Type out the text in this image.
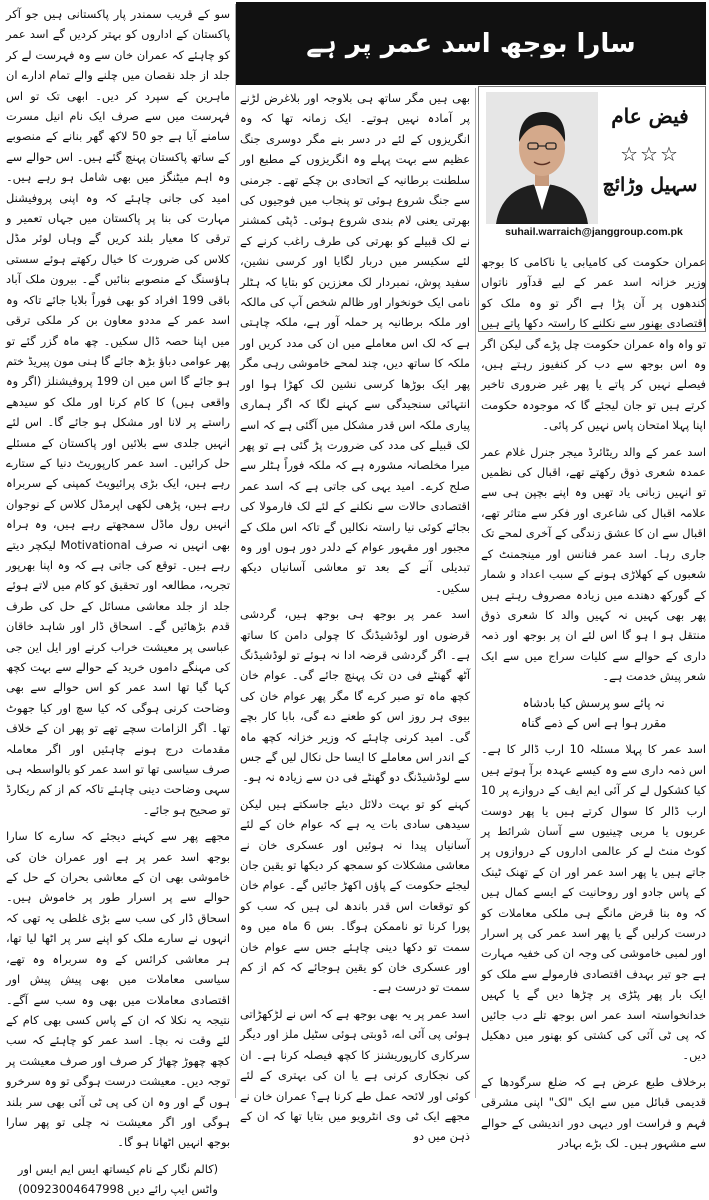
سارا بوجھ اسد عمر پر ہے
فیض عام
☆☆☆
سہیل وڑائچ
suhail.warraich@janggroup.com.pk

عمران حکومت کی کامیابی یا ناکامی کا بوجھ وزیر خزانہ اسد عمر کے لیے قدآور ناتواں کندھوں پر آن پڑا ہے اگر تو وہ ملک کو اقتصادی بھنور سے نکلنے کا راستہ دکھا پاتے ہیں تو واہ واہ عمران حکومت چل پڑے گی لیکن اگر وہ اس بوجھ سے دب کر کنفیوز رہتے ہیں، فیصلے نہیں کر پاتے یا پھر غیر ضروری تاخیر کرتے ہیں تو جان لیجئے گا کہ موجودہ حکومت اپنا پہلا امتحان پاس نہیں کر پائی۔

اسد عمر کے والد ریٹائرڈ میجر جنرل غلام عمر عمدہ شعری ذوق رکھتے تھے، اقبال کی نظمیں تو انہیں زبانی یاد تھیں وہ اپنے بچپن ہی سے علامہ اقبال کی شاعری اور فکر سے متاثر تھے، اقبال سے ان کا عشق زندگی کے آخری لمحے تک جاری رہا۔ اسد عمر فنانس اور مینجمنٹ کے شعبوں کے کھلاڑی ہونے کے سبب اعداد و شمار کے گورکھ دھندے میں زیادہ مصروف رہتے ہیں پھر بھی کہیں نہ کہیں والد کا شعری ذوق منتقل ہو ا ہو گا اس لئے ان پر بوجھ اور ذمہ داری کے حوالے سے کلیات سراج میں سے ایک شعر پیش خدمت ہے۔

نہ پائے سو پرسش کیا بادشاہ

مقرر ہوا ہے اس کے ذمے گناہ

اسد عمر کا پہلا مسئلہ 10 ارب ڈالر کا ہے۔ اس ذمہ داری سے وہ کیسے عہدہ برآ ہوتے ہیں کیا کشکول لے کر آئی ایم ایف کے دروازے پر 10 ارب ڈالر کا سوال کرتے ہیں یا پھر دوست عربوں یا مربی چینیوں سے آسان شرائط پر کوٹ منٹ لے کر عالمی اداروں کے دروازوں پر جاتے ہیں یا پھر اسد عمر اور ان کے تھنک ٹینک کے پاس جادو اور روحانیت کے ایسے کمال ہیں کہ وہ بنا قرض مانگے ہی ملکی معاملات کو درست کرلیں گے یا پھر اسد عمر کی پر اسرار اور لمبی خاموشی کی وجہ ان کی خفیہ مہارت ہے جو تیر بہدف اقتصادی فارمولے سے ملک کو ایک بار پھر پٹڑی پر چڑھا دیں گے یا کہیں خدانخواستہ اسد عمر اس بوجھ تلے دب جائیں کہ پی ٹی آئی کی کشتی کو بھنور میں دھکیل دیں۔

برخلاف طبع عرض ہے کہ ضلع سرگودھا کے قدیمی قبائل میں سے ایک "لک" اپنی مشرقی فہم و فراست اور دیہی دور اندیشی کے حوالے سے مشہور ہیں۔ لک بڑے بہادر

بھی ہیں مگر ساتھ ہی بلاوجہ اور بلاغرض لڑنے پر آمادہ نہیں ہوتے۔ ایک زمانہ تھا کہ وہ انگریزوں کے لئے در دسر بنے مگر دوسری جنگ عظیم سے بہت پہلے وہ انگریزوں کے مطیع اور سلطنت برطانیہ کے اتحادی بن چکے تھے۔ جرمنی سے جنگ شروع ہوئی تو پنجاب میں فوجیوں کی بھرتی یعنی لام بندی شروع ہوئی۔ ڈپٹی کمشنر نے لک قبیلے کو بھرتی کی طرف راغب کرنے کے لئے سکیسر میں دربار لگایا اور کرسی نشین، سفید پوش، نمبردار لک معززین کو بتایا کہ ہٹلر نامی ایک خونخوار اور ظالم شخص آپ کی مالکہ اور ملکہ برطانیہ پر حملہ آور ہے، ملکہ چاہتی ہے کہ لک اس معاملے میں ان کی مدد کریں اور ملکہ کا ساتھ دیں، چند لمحے خاموشی رہی مگر پھر ایک بوڑھا کرسی نشین لک کھڑا ہوا اور انتہائی سنجیدگی سے کہنے لگا کہ اگر ہماری پیاری ملکہ اس قدر مشکل میں آگئی ہے کہ اسے لک قبیلے کی مدد کی ضرورت پڑ گئی ہے تو پھر میرا مخلصانہ مشورہ ہے کہ ملکہ فوراً ہٹلر سے صلح کرے۔ امید یہی کی جاتی ہے کہ اسد عمر اقتصادی حالات سے نکلنے کے لئے لک فارمولا کی بجائے کوئی نیا راستہ نکالیں گے تاکہ اس ملک کے مجبور اور مقہور عوام کے دلدر دور ہوں اور وہ تبدیلی آنے کے بعد تو معاشی آسانیاں دیکھ سکیں۔

اسد عمر پر بوجھ ہی بوجھ ہیں، گردشی قرضوں اور لوڈشیڈنگ کا چولی دامن کا ساتھ ہے۔ اگر گردشی قرضہ ادا نہ ہوئے تو لوڈشیڈنگ آٹھ گھنٹے فی دن تک پہنچ جائے گی۔ عوام خان کچھ ماہ تو صبر کرے گا مگر پھر عوام خان کی بیوی ہر روز اس کو طعنے دے گی، بابا کار بچے گی۔ امید کرنی چاہئے کہ وزیر خزانہ کچھ ماہ کے اندر اس معاملے کا ایسا حل نکال لیں گے جس سے لوڈشیڈنگ دو گھنٹے فی دن سے زیادہ نہ ہو۔

کہنے کو تو بہت دلائل دیئے جاسکتے ہیں لیکن سیدھی سادی بات یہ ہے کہ عوام خان کے لئے آسانیاں پیدا نہ ہوئیں اور عسکری خان نے معاشی مشکلات کو سمجھ کر دیکھا تو یقین جان لیجئے حکومت کے پاؤں اکھڑ جائیں گے۔ عوام خان کو توقعات اس قدر باندھ لی ہیں کہ سب کو پورا کرنا تو ناممکن ہوگا۔ بس 6 ماہ میں وہ سمت تو دکھا دینی چاہئے جس سے عوام خان اور عسکری خان کو یقین ہوجائے کہ کم از کم سمت تو درست ہے۔

اسد عمر پر یہ بھی بوجھ ہے کہ اس نے لڑکھڑاتی ہوئی پی آئی اے، ڈوبتی ہوئی سٹیل ملز اور دیگر سرکاری کارپوریشنز کا کچھ فیصلہ کرنا ہے۔ ان کی نجکاری کرنی ہے یا ان کی بہتری کے لئے کوئی اور لائحہ عمل طے کرنا ہے؟ عمران خان نے مجھے ایک ٹی وی انٹرویو میں بتایا تھا کہ ان کے ذہن میں دو

سو کے قریب سمندر پار پاکستانی ہیں جو آکر پاکستان کے اداروں کو بہتر کردیں گے اسد عمر کو چاہئے کہ عمران خان سے وہ فہرست لے کر جلد از جلد نقصان میں چلنے والے تمام ادارے ان ماہرین کے سپرد کر دیں۔ ابھی تک تو اس فہرست میں سے صرف ایک نام انیل مسرت سامنے آیا ہے جو 50 لاکھ گھر بنانے کے منصوبے کے ساتھ پاکستان پہنچ گئے ہیں۔ اس حوالے سے وہ اہم میٹنگز میں بھی شامل ہو رہے ہیں۔ امید کی جانی چاہئے کہ وہ اپنی پروفیشنل مہارت کی بنا پر پاکستان میں جہاں تعمیر و ترقی کا معیار بلند کریں گے وہاں لوئر مڈل کلاس کی ضرورت کا خیال رکھتے ہوئے سستی ہاؤسنگ کے منصوبے بنائیں گے۔ بیرون ملک آباد باقی 199 افراد کو بھی فوراً بلایا جائے تاکہ وہ اسد عمر کے مددو معاون بن کر ملکی ترقی میں اپنا حصہ ڈال سکیں۔ چھ ماہ گزر گئے تو پھر عوامی دباؤ بڑھ جائے گا ہنی مون پیریڈ ختم ہو جائے گا اس میں ان 199 پروفیشنلز (اگر وہ واقعی ہیں) کا کام کرنا اور ملک کو سیدھے راستے پر لانا اور مشکل ہو جائے گا۔ اس لئے انہیں جلدی سے بلائیں اور پاکستان کے مسئلے حل کرائیں۔ اسد عمر کارپوریٹ دنیا کے ستارے رہے ہیں، ایک بڑی پرائیویٹ کمپنی کے سربراہ رہے ہیں، پڑھی لکھی اپرمڈل کلاس کے نوجوان انہیں رول ماڈل سمجھتے رہے ہیں، وہ ہراہ بھی انہیں نہ صرف Motivational لیکچر دیتے رہے ہیں۔ توقع کی جاتی ہے کہ وہ اپنا بھرپور تجربہ، مطالعہ اور تحقیق کو کام میں لاتے ہوئے جلد از جلد معاشی مسائل کے حل کی طرف قدم بڑھائیں گے۔ اسحاق ڈار اور شاہد خاقان عباسی پر معیشت خراب کرنے اور ایل این جی کی مہنگے داموں خرید کے حوالے سے بہت کچھ کہا گیا تھا اسد عمر کو اس حوالے سے بھی وضاحت کرنی ہوگی کہ کیا سچ اور کیا جھوٹ تھا۔ اگر الزامات سچے تھے تو پھر ان کے خلاف مقدمات درج ہونے چاہئیں اور اگر معاملہ صرف سیاسی تھا تو اسد عمر کو بالواسطہ ہی سہی وضاحت دینی چاہئے تاکہ کم از کم ریکارڈ تو صحیح ہو جائے۔

مجھے پھر سے کہنے دیجئے کہ سارے کا سارا بوجھ اسد عمر پر ہے اور عمران خان کی خاموشی بھی ان کے معاشی بحران کے حل کے حوالے سے پر اسرار طور پر خاموش ہیں۔ اسحاق ڈار کی سب سے بڑی غلطی یہ تھی کہ انہوں نے سارے ملک کو اپنے سر پر اٹھا لیا تھا، ہر معاشی کرائس کے وہ سربراہ وہ تھے، سیاسی معاملات میں بھی پیش پیش اور اقتصادی معاملات میں بھی وہ سب سے آگے۔ نتیجہ یہ نکلا کہ ان کے پاس کسی بھی کام کے لئے وقت نہ بچا۔ اسد عمر کو چاہئے کہ سب کچھ چھوڑ چھاڑ کر صرف اور صرف معیشت پر توجہ دیں۔ معیشت درست ہوگی تو وہ سرخرو ہوں گے اور وہ ان کی پی ٹی آئی بھی سر بلند ہوگی اور اگر معیشت نہ چلی تو پھر سارا بوجھ انہیں اٹھانا ہو گا۔

(کالم نگار کے نام کیساتھ ایس ایم ایس اور واٹس ایپ رائے دیں 00923004647998)
